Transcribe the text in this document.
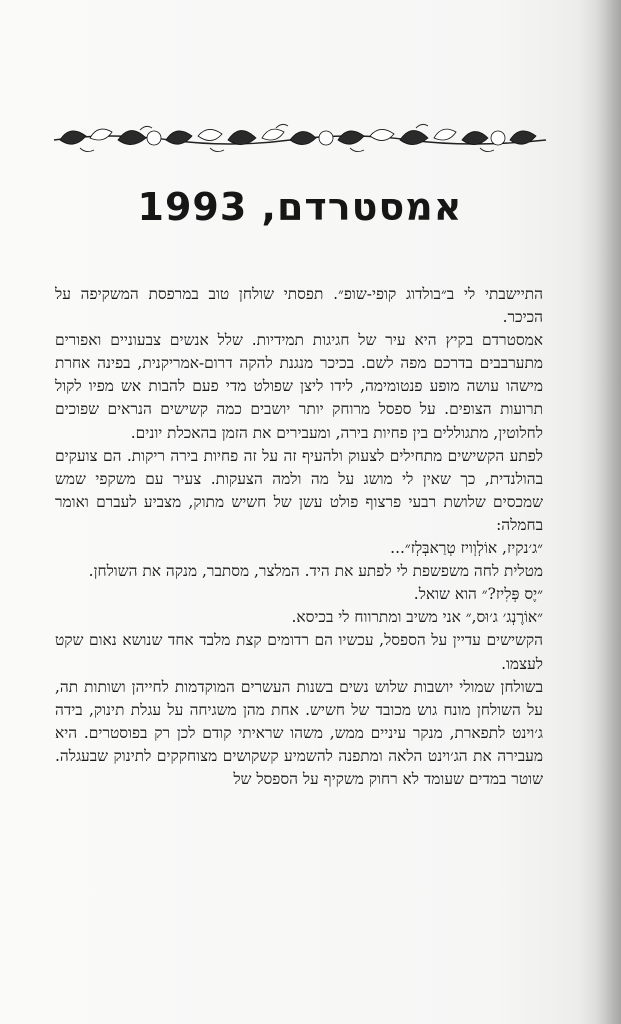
אמסטרדם, 1993

התיישבתי לי ב״בולדוג קופי-שופ״. תפסתי שולחן טוב במרפסת המשקיפה על הכיכר.

אמסטרדם בקיץ היא עיר של חגיגות תמידיות. שלל אנשים צבעוניים ואפורים מתערבבים בדרכם מפה לשם. בכיכר מנגנת להקה דרום-אמריקנית, בפינה אחרת מישהו עושה מופע פנטומימה, לידו ליצן שפולט מדי פעם להבות אש מפיו לקול תרועות הצופים. על ספסל מרוחק יותר יושבים כמה קשישים הנראים שפוכים לחלוטין, מתגוללים בין פחיות בירה, ומעבירים את הזמן בהאכלת יונים.

לפתע הקשישים מתחילים לצעוק ולהעיף זה על זה פחיות בירה ריקות. הם צועקים בהולנדית, כך שאין לי מושג על מה ולמה הצעקות. צעיר עם משקפי שמש שמכסים שלושת רבעי פרצוף פולט עשן של חשיש מתוק, מצביע לעברם ואומר בחמלה:

״ג׳נקיז, אוֹלְוְויז טְרַאבְּלְז״...

מטלית לחה משפשפת לי לפתע את היד. המלצר, מסתבר, מנקה את השולחן.

״יֶס פְּלִיז?״ הוא שואל.

״אוֹרֶנְג׳ ג׳וּס,״ אני משיב ומתרווח לי בכיסא.

הקשישים עדיין על הספסל, עכשיו הם רדומים קצת מלבד אחד שנושא נאום שקט לעצמו.

בשולחן שמולי יושבות שלוש נשים בשנות העשרים המוקדמות לחייהן ושותות תה, על השולחן מונח גוש מכובד של חשיש. אחת מהן משגיחה על עגלת תינוק, בידה ג׳וינט לתפארת, מנקר עיניים ממש, משהו שראיתי קודם לכן רק בפוסטרים. היא מעבירה את הג׳וינט הלאה ומתפנה להשמיע קשקושים מצוחקקים לתינוק שבעגלה. שוטר במדים שעומד לא רחוק משקיף על הספסל של
